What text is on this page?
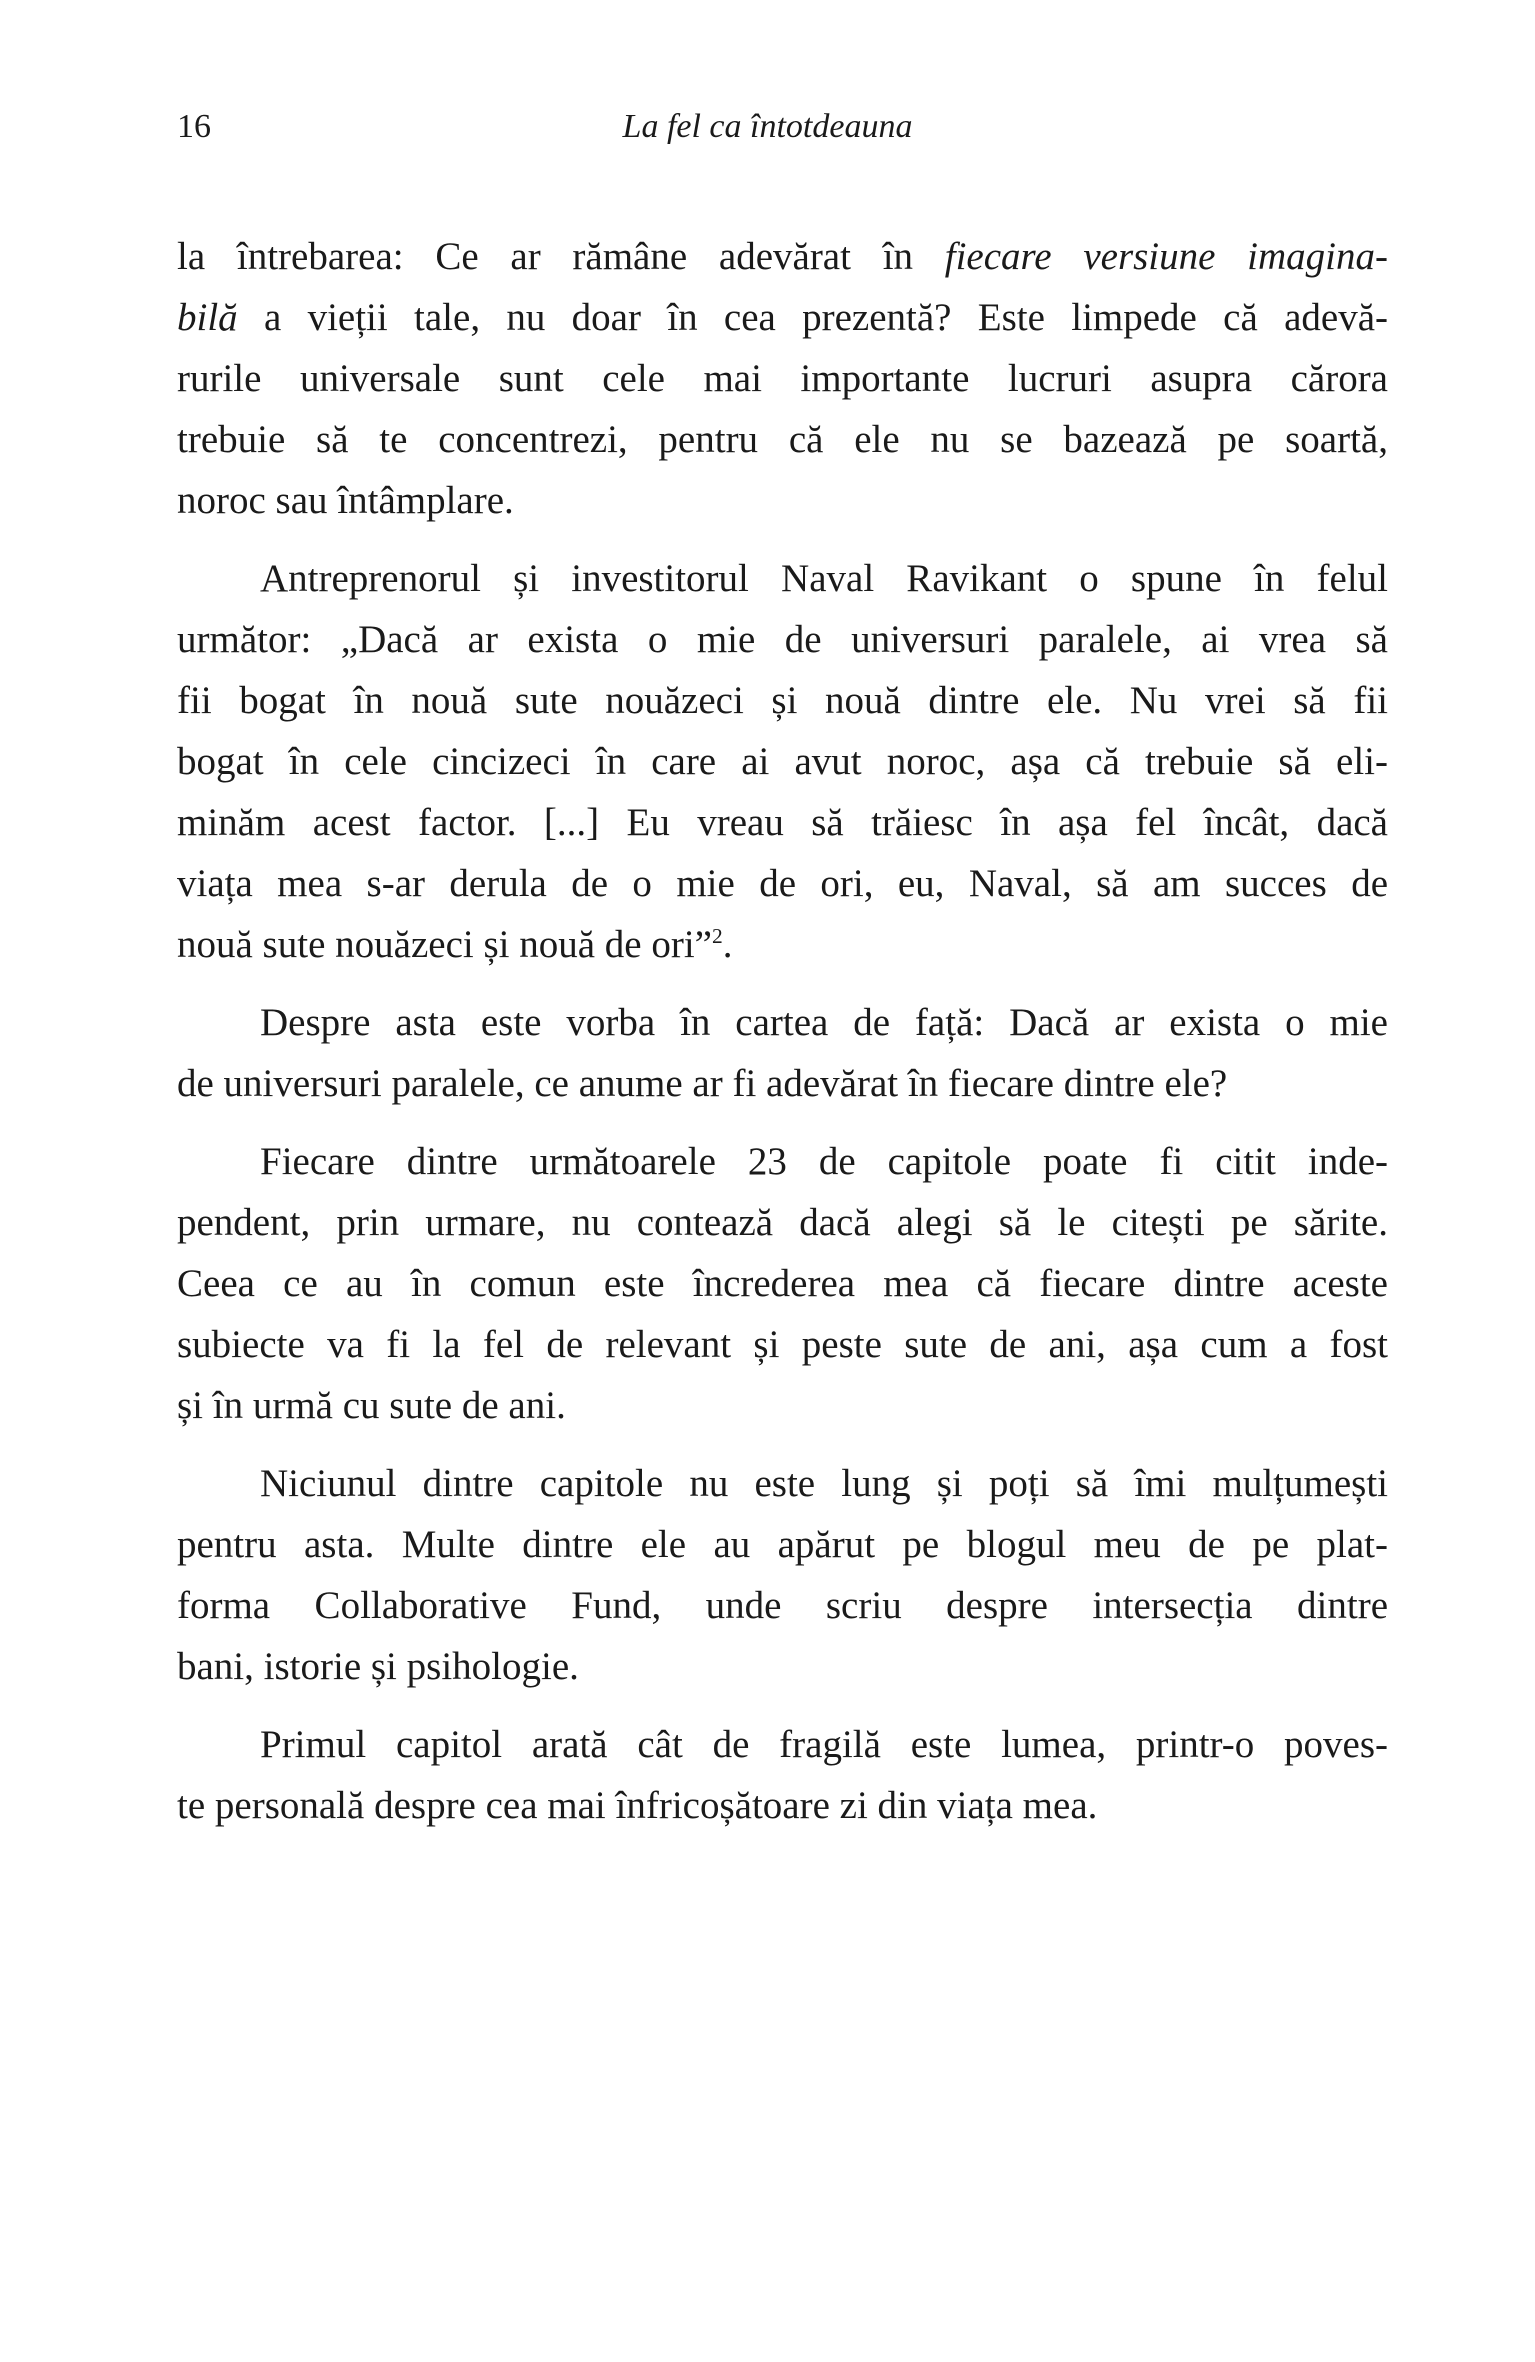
16	La fel ca întotdeauna
la întrebarea: Ce ar rămâne adevărat în fiecare versiune imagina-
bilă a vieții tale, nu doar în cea prezentă? Este limpede că adevă-
rurile universale sunt cele mai importante lucruri asupra cărora
trebuie să te concentrezi, pentru că ele nu se bazează pe soartă,
noroc sau întâmplare.
Antreprenorul și investitorul Naval Ravikant o spune în felul
următor: „Dacă ar exista o mie de universuri paralele, ai vrea să
fii bogat în nouă sute nouăzeci și nouă dintre ele. Nu vrei să fii
bogat în cele cincizeci în care ai avut noroc, așa că trebuie să eli-
minăm acest factor. [...] Eu vreau să trăiesc în așa fel încât, dacă
viața mea s-ar derula de o mie de ori, eu, Naval, să am succes de
nouă sute nouăzeci și nouă de ori”$^2$.
Despre asta este vorba în cartea de față: Dacă ar exista o mie
de universuri paralele, ce anume ar fi adevărat în fiecare dintre ele?
Fiecare dintre următoarele 23 de capitole poate fi citit inde-
pendent, prin urmare, nu contează dacă alegi să le citești pe sărite.
Ceea ce au în comun este încrederea mea că fiecare dintre aceste
subiecte va fi la fel de relevant și peste sute de ani, așa cum a fost
și în urmă cu sute de ani.
Niciunul dintre capitole nu este lung și poți să îmi mulțumești
pentru asta. Multe dintre ele au apărut pe blogul meu de pe plat-
forma Collaborative Fund, unde scriu despre intersecția dintre
bani, istorie și psihologie.
Primul capitol arată cât de fragilă este lumea, printr-o poves-
te personală despre cea mai înfricoșătoare zi din viața mea.
